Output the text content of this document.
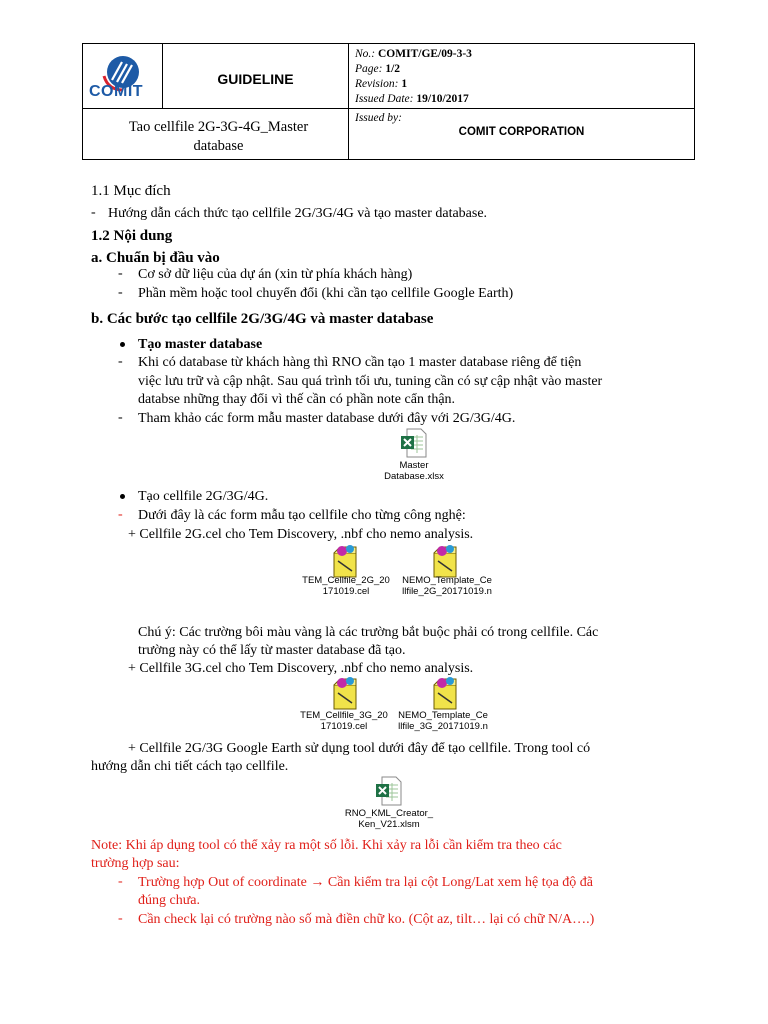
COMIT
GUIDELINE
Tao cellfile 2G-3G-4G_Master
database
No.: COMIT/GE/09-3-3
Page: 1/2
Revision: 1
Issued Date: 19/10/2017
Issued by:
COMIT CORPORATION
1.1 Mục đích
- Hướng dẫn cách thức tạo cellfile 2G/3G/4G và tạo master database.
1.2 Nội dung
a. Chuẩn bị đầu vào
- Cơ sở dữ liệu của dự án (xin từ phía khách hàng)
- Phần mềm hoặc tool chuyển đổi (khi cần tạo cellfile Google Earth)
b. Các bước tạo cellfile 2G/3G/4G và master database
Tạo master database
- Khi có database từ khách hàng thì RNO cần tạo 1 master database riêng để tiện
việc lưu trữ và cập nhật. Sau quá trình tối ưu, tuning cần có sự cập nhật vào master
databse những thay đổi vì thế cần có phần note cẩn thận.
- Tham khảo các form mẫu master database dưới đây với 2G/3G/4G.
Master
Database.xlsx
Tạo cellfile 2G/3G/4G.
- Dưới đây là các form mẫu tạo cellfile cho từng công nghệ:
+ Cellfile 2G.cel cho Tem Discovery, .nbf cho nemo analysis.
TEM_Cellfile_2G_20
171019.cel
NEMO_Template_Ce
llfile_2G_20171019.n
Chú ý: Các trường bôi màu vàng là các trường bắt buộc phải có trong cellfile. Các
trường này có thể lấy từ master database đã tạo.
+ Cellfile 3G.cel cho Tem Discovery, .nbf cho nemo analysis.
TEM_Cellfile_3G_20
171019.cel
NEMO_Template_Ce
llfile_3G_20171019.n
+ Cellfile 2G/3G Google Earth sử dụng tool dưới đây để tạo cellfile. Trong tool có
hướng dẫn chi tiết cách tạo cellfile.
RNO_KML_Creator_
Ken_V21.xlsm
Note: Khi áp dụng tool có thể xảy ra một số lỗi. Khi xảy ra lỗi cần kiểm tra theo các
trường hợp sau:
- Trường hợp Out of coordinate → Cần kiểm tra lại cột Long/Lat xem hệ tọa độ đã
đúng chưa.
- Cần check lại có trường nào số mà điền chữ ko. (Cột az, tilt… lại có chữ N/A….)
